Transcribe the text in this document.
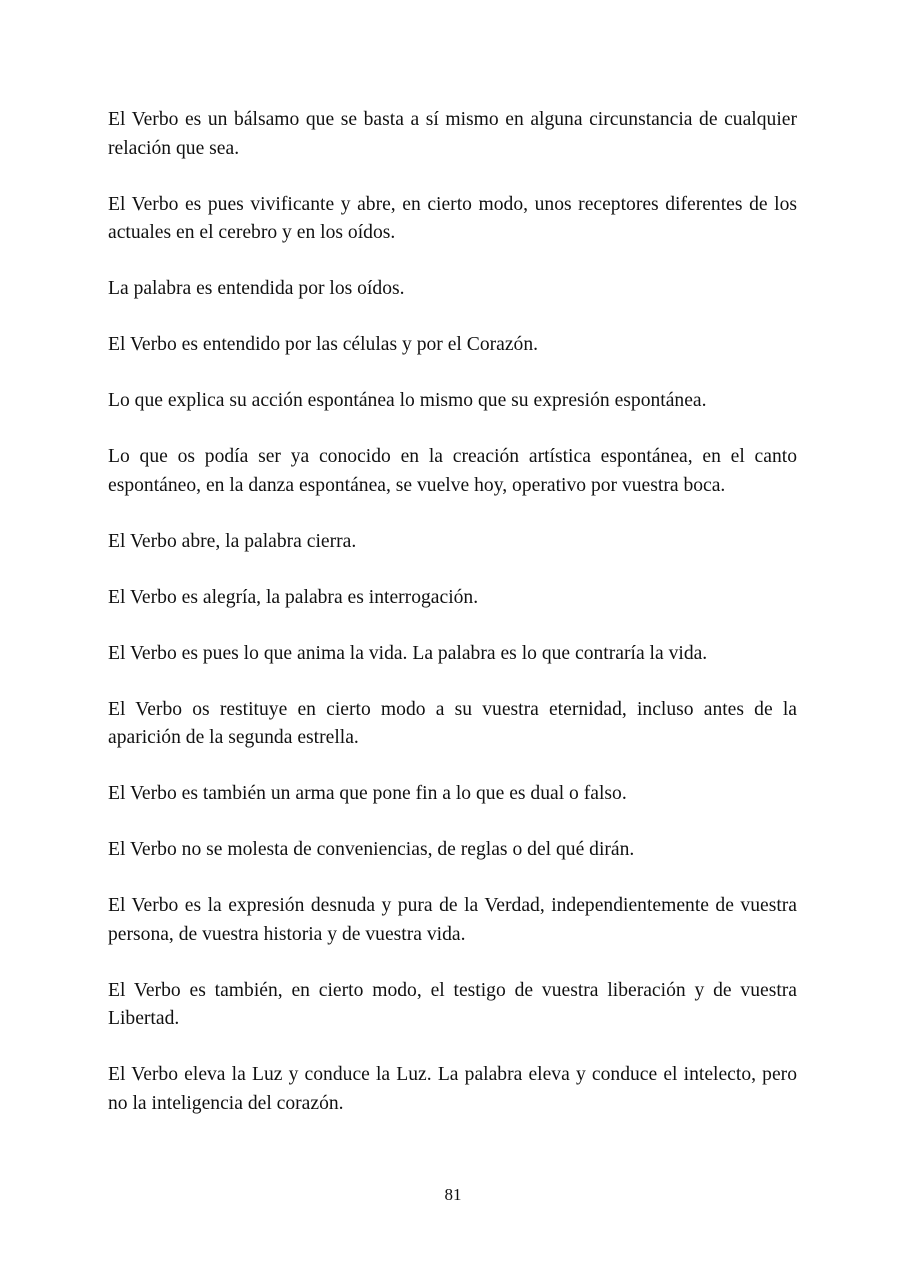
El Verbo es un bálsamo que se basta a sí mismo en alguna circunstancia de cualquier relación que sea.

El Verbo es pues vivificante y abre, en cierto modo, unos receptores diferentes de los actuales en el cerebro y en los oídos.

La palabra es entendida por los oídos.

El Verbo es entendido por las células y por el Corazón.

Lo que explica su acción espontánea lo mismo que su expresión espontánea.

Lo que os podía ser ya conocido en la creación artística espontánea, en el canto espontáneo, en la danza espontánea, se vuelve hoy, operativo por vuestra boca.

El Verbo abre, la palabra cierra.

El Verbo es alegría, la palabra es interrogación.

El Verbo es pues lo que anima la vida. La palabra es lo que contraría la vida.

El Verbo os restituye en cierto modo a su vuestra eternidad, incluso antes de la aparición de la segunda estrella.

El Verbo es también un arma que pone fin a lo que es dual o falso.

El Verbo no se molesta de conveniencias, de reglas o del qué dirán.

El Verbo es la expresión desnuda y pura de la Verdad, independientemente de vuestra persona, de vuestra historia y de vuestra vida.

El Verbo es también, en cierto modo, el testigo de vuestra liberación y de vuestra Libertad.

El Verbo eleva la Luz y conduce la Luz. La palabra eleva y conduce el intelecto, pero no la inteligencia del corazón.

81
